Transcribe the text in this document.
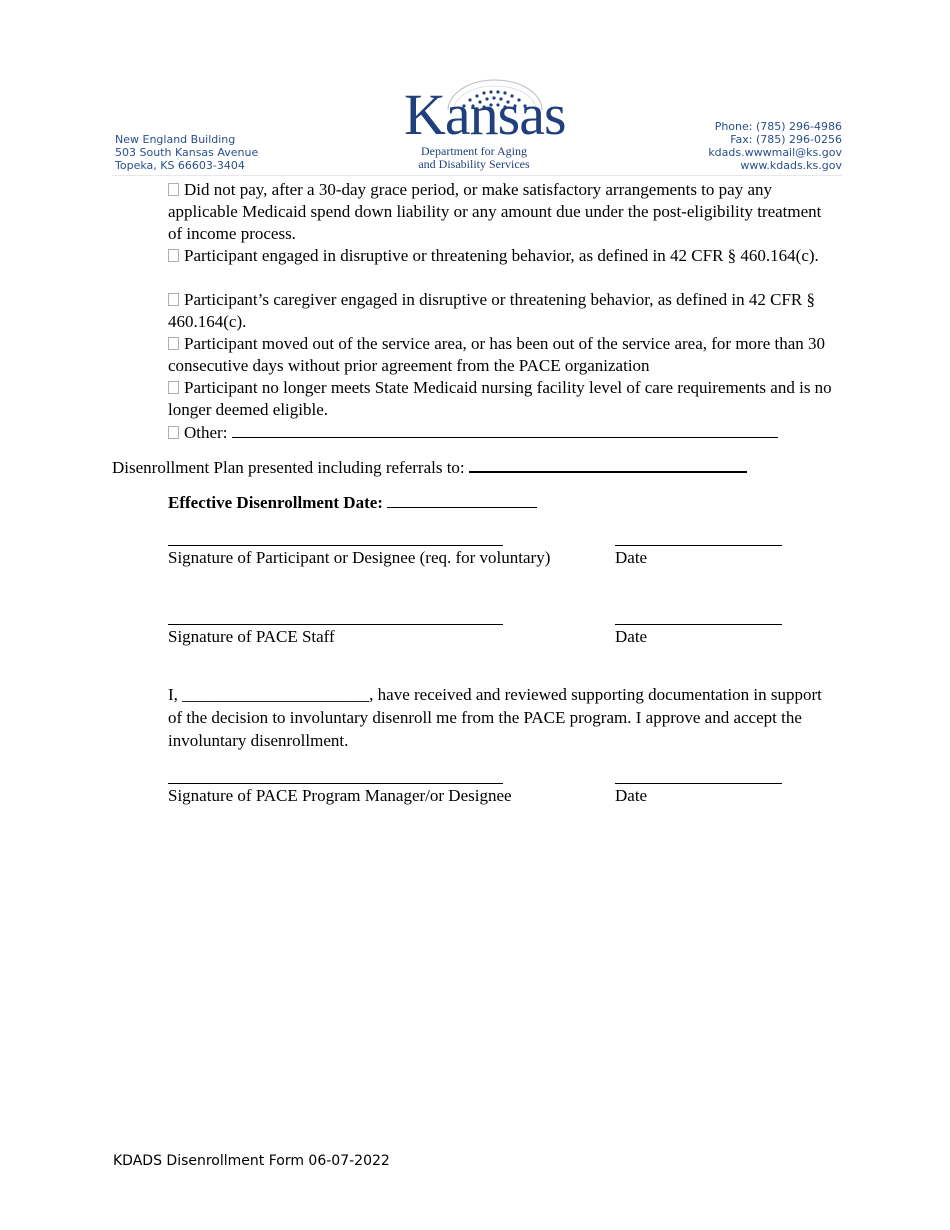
New England Building
503 South Kansas Avenue
Topeka, KS 66603-3404
Kansas
Department for Aging
and Disability Services
Phone: (785) 296-4986
Fax: (785) 296-0256
kdads.wwwmail@ks.gov
www.kdads.ks.gov
Did not pay, after a 30-day grace period, or make satisfactory arrangements to pay any applicable Medicaid spend down liability or any amount due under the post-eligibility treatment of income process.
Participant engaged in disruptive or threatening behavior, as defined in 42 CFR § 460.164(c).
Participant’s caregiver engaged in disruptive or threatening behavior, as defined in 42 CFR § 460.164(c).
Participant moved out of the service area, or has been out of the service area, for more than 30 consecutive days without prior agreement from the PACE organization
Participant no longer meets State Medicaid nursing facility level of care requirements and is no longer deemed eligible.
Other:
Disenrollment Plan presented including referrals to:
Effective Disenrollment Date:
Signature of Participant or Designee (req. for voluntary)	Date
Signature of PACE Staff	Date
I, ______________________, have received and reviewed supporting documentation in support of the decision to involuntary disenroll me from the PACE program. I approve and accept the involuntary disenrollment.
Signature of PACE Program Manager/or Designee	Date
KDADS Disenrollment Form 06-07-2022
